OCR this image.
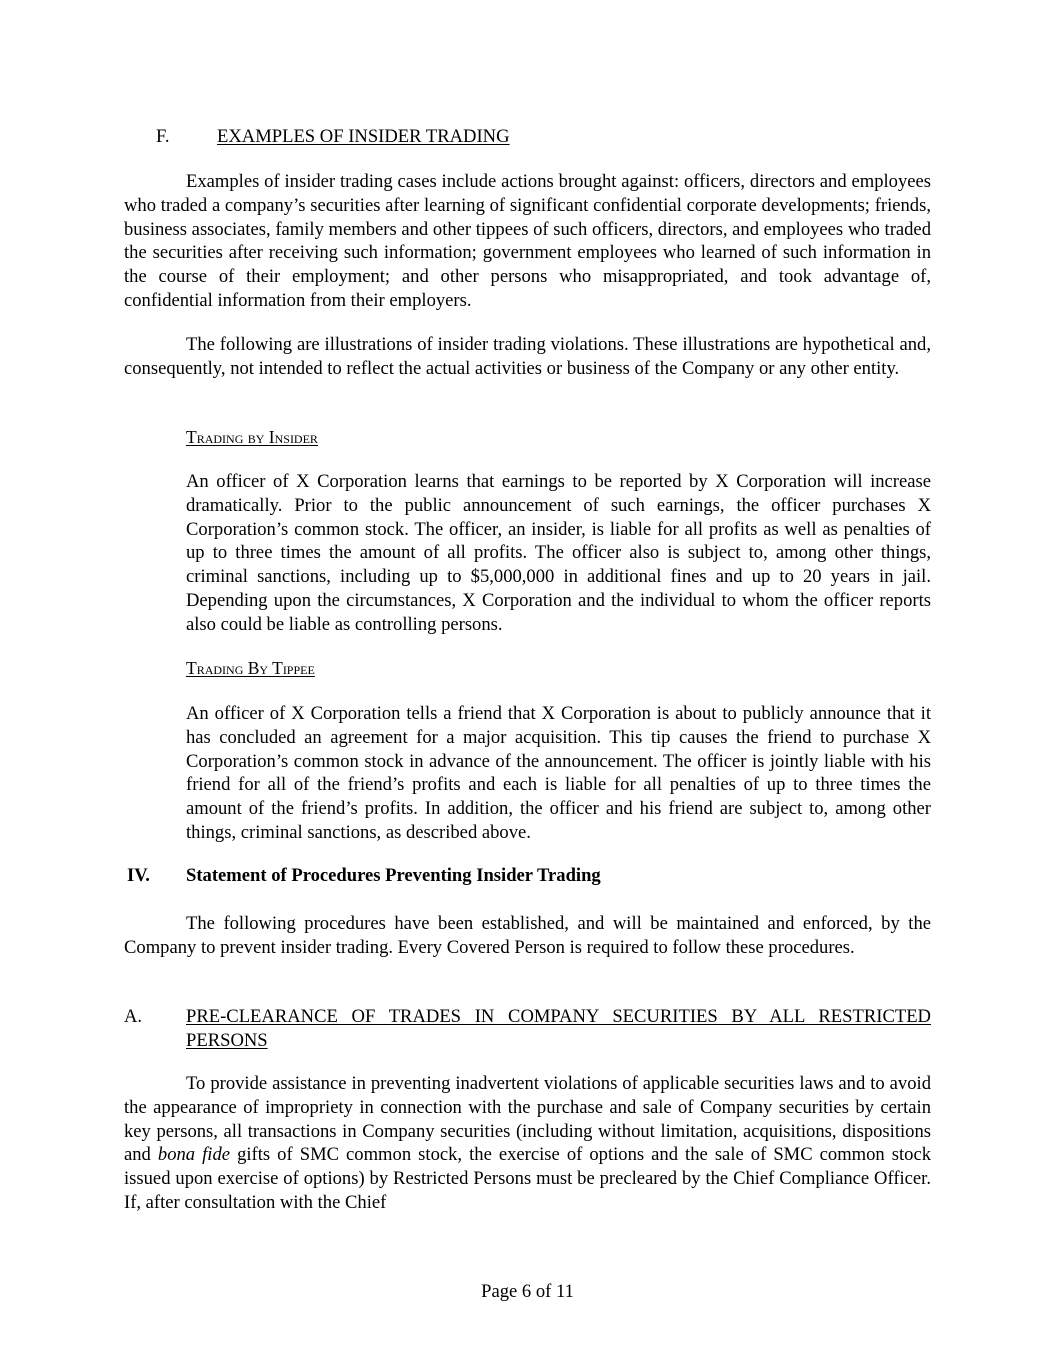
F.	EXAMPLES OF INSIDER TRADING

Examples of insider trading cases include actions brought against: officers, directors and employees who traded a company’s securities after learning of significant confidential corporate developments; friends, business associates, family members and other tippees of such officers, directors, and employees who traded the securities after receiving such information; government employees who learned of such information in the course of their employment; and other persons who misappropriated, and took advantage of, confidential information from their employers.

The following are illustrations of insider trading violations. These illustrations are hypothetical and, consequently, not intended to reflect the actual activities or business of the Company or any other entity.

Trading by Insider

An officer of X Corporation learns that earnings to be reported by X Corporation will increase dramatically. Prior to the public announcement of such earnings, the officer purchases X Corporation’s common stock. The officer, an insider, is liable for all profits as well as penalties of up to three times the amount of all profits. The officer also is subject to, among other things, criminal sanctions, including up to $5,000,000 in additional fines and up to 20 years in jail. Depending upon the circumstances, X Corporation and the individual to whom the officer reports also could be liable as controlling persons.

Trading By Tippee

An officer of X Corporation tells a friend that X Corporation is about to publicly announce that it has concluded an agreement for a major acquisition. This tip causes the friend to purchase X Corporation’s common stock in advance of the announcement. The officer is jointly liable with his friend for all of the friend’s profits and each is liable for all penalties of up to three times the amount of the friend’s profits. In addition, the officer and his friend are subject to, among other things, criminal sanctions, as described above.

IV. Statement of Procedures Preventing Insider Trading

The following procedures have been established, and will be maintained and enforced, by the Company to prevent insider trading. Every Covered Person is required to follow these procedures.

A. PRE-CLEARANCE OF TRADES IN COMPANY SECURITIES BY ALL RESTRICTED PERSONS

To provide assistance in preventing inadvertent violations of applicable securities laws and to avoid the appearance of impropriety in connection with the purchase and sale of Company securities by certain key persons, all transactions in Company securities (including without limitation, acquisitions, dispositions and bona fide gifts of SMC common stock, the exercise of options and the sale of SMC common stock issued upon exercise of options) by Restricted Persons must be precleared by the Chief Compliance Officer. If, after consultation with the Chief

Page 6 of 11
